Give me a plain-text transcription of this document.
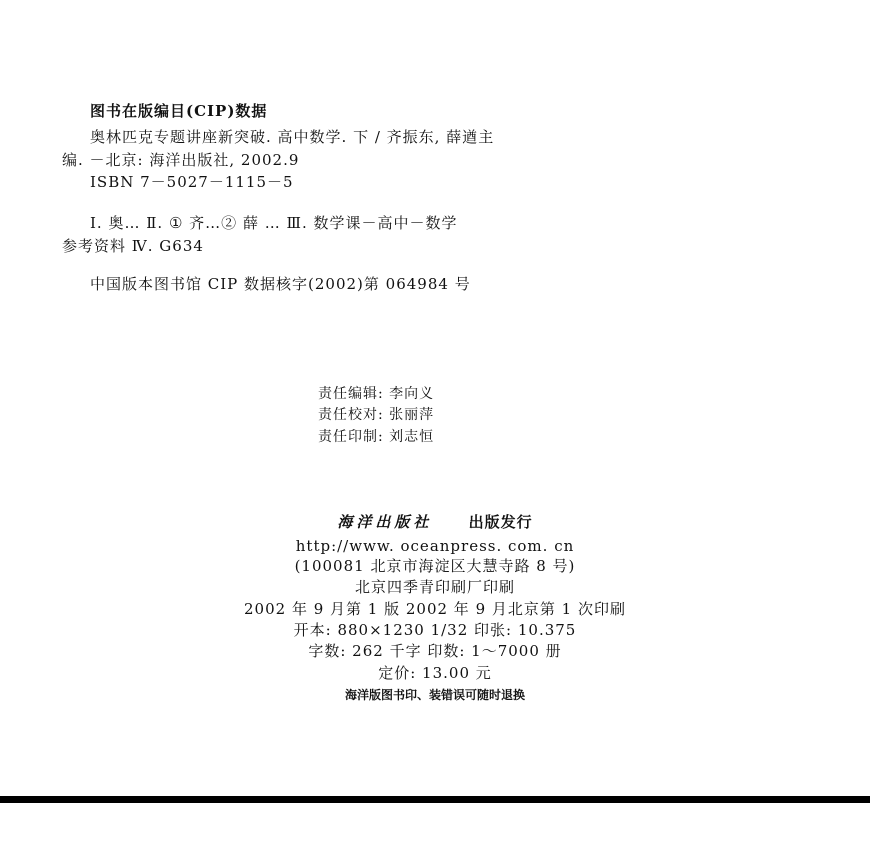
图书在版编目(CIP)数据
奥林匹克专题讲座新突破. 高中数学. 下 / 齐振东, 薛遒主
编. －北京: 海洋出版社, 2002.9
ISBN 7－5027－1115－5
Ⅰ. 奥… Ⅱ. ① 齐…② 薛 … Ⅲ. 数学课－高中－数学
参考资料 Ⅳ. G634
中国版本图书馆 CIP 数据核字(2002)第 064984 号
责任编辑: 李向义
责任校对: 张丽萍
责任印制: 刘志恒
海洋出版社 出版发行
http://www. oceanpress. com. cn
(100081 北京市海淀区大慧寺路 8 号)
北京四季青印刷厂印刷
2002 年 9 月第 1 版 2002 年 9 月北京第 1 次印刷
开本: 880×1230 1/32 印张: 10.375
字数: 262 千字 印数: 1～7000 册
定价: 13.00 元
海洋版图书印、装错误可随时退换
